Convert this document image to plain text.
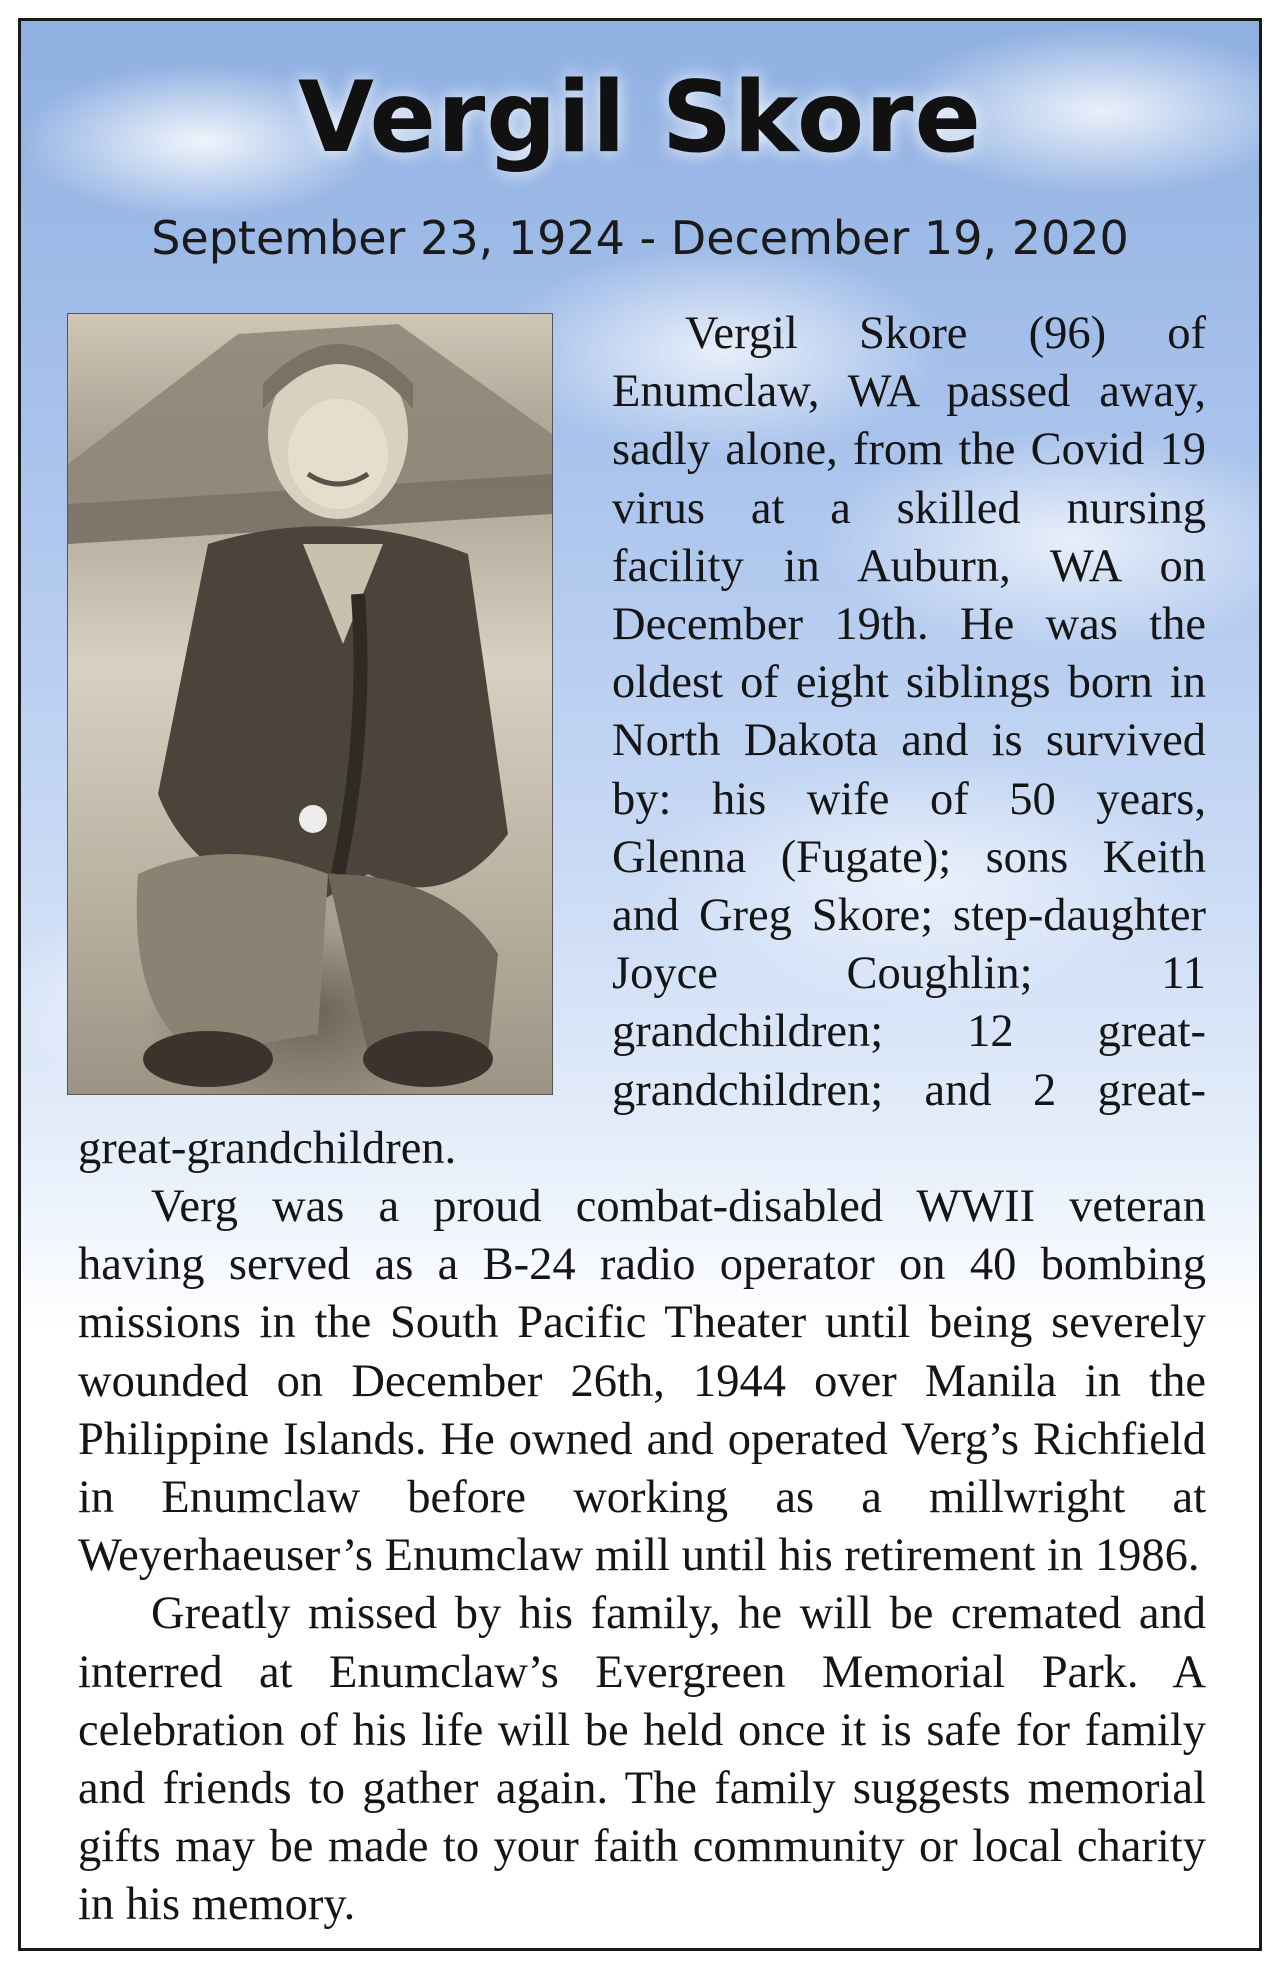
Vergil Skore
September 23, 1924 - December 19, 2020

Vergil Skore (96) of Enumclaw, WA passed away, sadly alone, from the Covid 19 virus at a skilled nursing facility in Auburn, WA on December 19th. He was the oldest of eight siblings born in North Dakota and is survived by: his wife of 50 years, Glenna (Fugate); sons Keith and Greg Skore; step-daughter Joyce Coughlin; 11 grandchildren; 12 great-grandchildren; and 2 great-great-grandchildren.

Verg was a proud combat-disabled WWII veteran having served as a B-24 radio operator on 40 bombing missions in the South Pacific Theater until being severely wounded on December 26th, 1944 over Manila in the Philippine Islands. He owned and operated Verg’s Richfield in Enumclaw before working as a millwright at Weyerhaeuser’s Enumclaw mill until his retirement in 1986.

Greatly missed by his family, he will be cremated and interred at Enumclaw’s Evergreen Memorial Park. A celebration of his life will be held once it is safe for family and friends to gather again. The family suggests memorial gifts may be made to your faith community or local charity in his memory.
